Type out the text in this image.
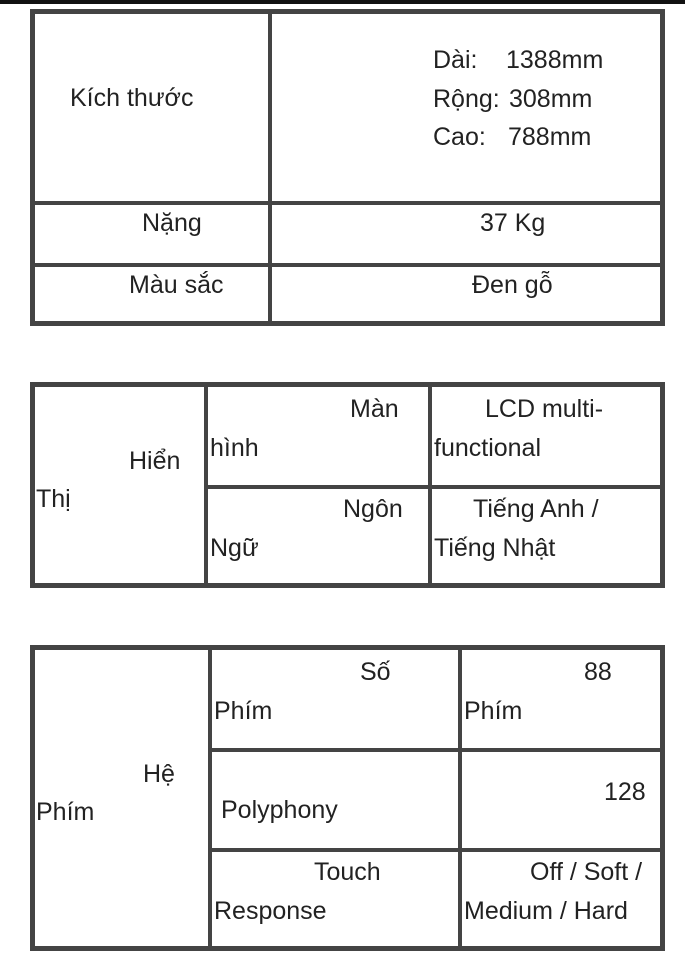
Kích thước
Dài: 1388mm
Rộng: 308mm
Cao: 788mm
Nặng	37 Kg
Màu sắc	Đen gỗ
Hiển
Thị
Màn
hình
LCD multi-
functional
Ngôn
Ngữ
Tiếng Anh /
Tiếng Nhật
Hệ
Phím
Số
Phím
88
Phím
Polyphony
128
Touch
Response
Off / Soft /
Medium / Hard
